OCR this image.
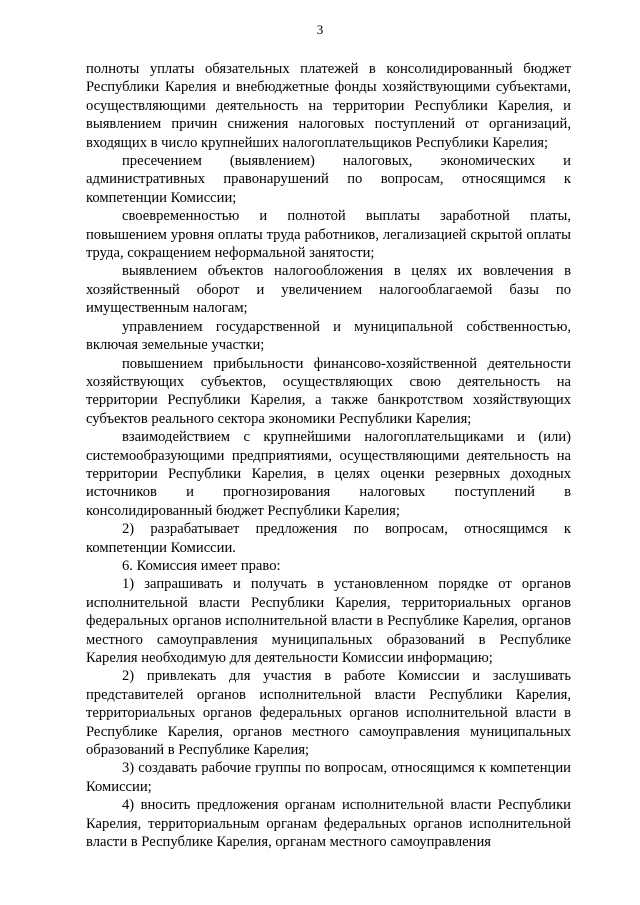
3

полноты уплаты обязательных платежей в консолидированный бюджет Республики Карелия и внебюджетные фонды хозяйствующими субъектами, осуществляющими деятельность на территории Республики Карелия, и выявлением причин снижения налоговых поступлений от организаций, входящих в число крупнейших налогоплательщиков Республики Карелия;

пресечением (выявлением) налоговых, экономических и административных правонарушений по вопросам, относящимся к компетенции Комиссии;

своевременностью и полнотой выплаты заработной платы, повышением уровня оплаты труда работников, легализацией скрытой оплаты труда, сокращением неформальной занятости;

выявлением объектов налогообложения в целях их вовлечения в хозяйственный оборот и увеличением налогооблагаемой базы по имущественным налогам;

управлением государственной и муниципальной собственностью, включая земельные участки;

повышением прибыльности финансово-хозяйственной деятельности хозяйствующих субъектов, осуществляющих свою деятельность на территории Республики Карелия, а также банкротством хозяйствующих субъектов реального сектора экономики Республики Карелия;

взаимодействием с крупнейшими налогоплательщиками и (или) системообразующими предприятиями, осуществляющими деятельность на территории Республики Карелия, в целях оценки резервных доходных источников и прогнозирования налоговых поступлений в консолидированный бюджет Республики Карелия;

2) разрабатывает предложения по вопросам, относящимся к компетенции Комиссии.

6. Комиссия имеет право:

1) запрашивать и получать в установленном порядке от органов исполнительной власти Республики Карелия, территориальных органов федеральных органов исполнительной власти в Республике Карелия, органов местного самоуправления муниципальных образований в Республике Карелия необходимую для деятельности Комиссии информацию;

2) привлекать для участия в работе Комиссии и заслушивать представителей органов исполнительной власти Республики Карелия, территориальных органов федеральных органов исполнительной власти в Республике Карелия, органов местного самоуправления муниципальных образований в Республике Карелия;

3) создавать рабочие группы по вопросам, относящимся к компетенции Комиссии;

4) вносить предложения органам исполнительной власти Республики Карелия, территориальным органам федеральных органов исполнительной власти в Республике Карелия, органам местного самоуправления
